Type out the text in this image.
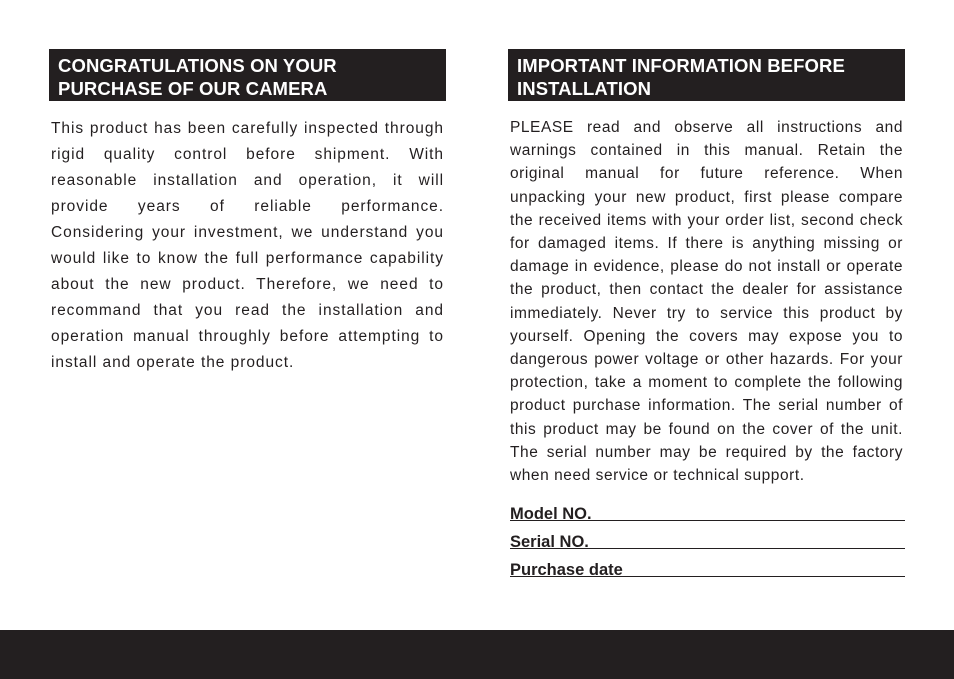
CONGRATULATIONS ON YOUR PURCHASE OF OUR CAMERA

This product has been carefully inspected through rigid quality control before shipment. With reasonable installation and operation, it will provide years of reliable performance. Considering your investment, we understand you would like to know the full performance capability about the new product. Therefore, we need to recommand that you read the installation and operation manual throughly before attempting to install and operate the product.

IMPORTANT INFORMATION BEFORE INSTALLATION

PLEASE read and observe all instructions and warnings contained in this manual. Retain the original manual for future reference. When unpacking your new product, first please compare the received items with your order list, second check for damaged items. If there is anything missing or damage in evidence, please do not install or operate the product, then contact the dealer for assistance immediately. Never try to service this product by yourself. Opening the covers may expose you to dangerous power voltage or other hazards. For your protection, take a moment to complete the following product purchase information. The serial number of this product may be found on the cover of the unit. The serial number may be required by the factory when need service or technical support.

Model NO.
Serial NO.
Purchase date
